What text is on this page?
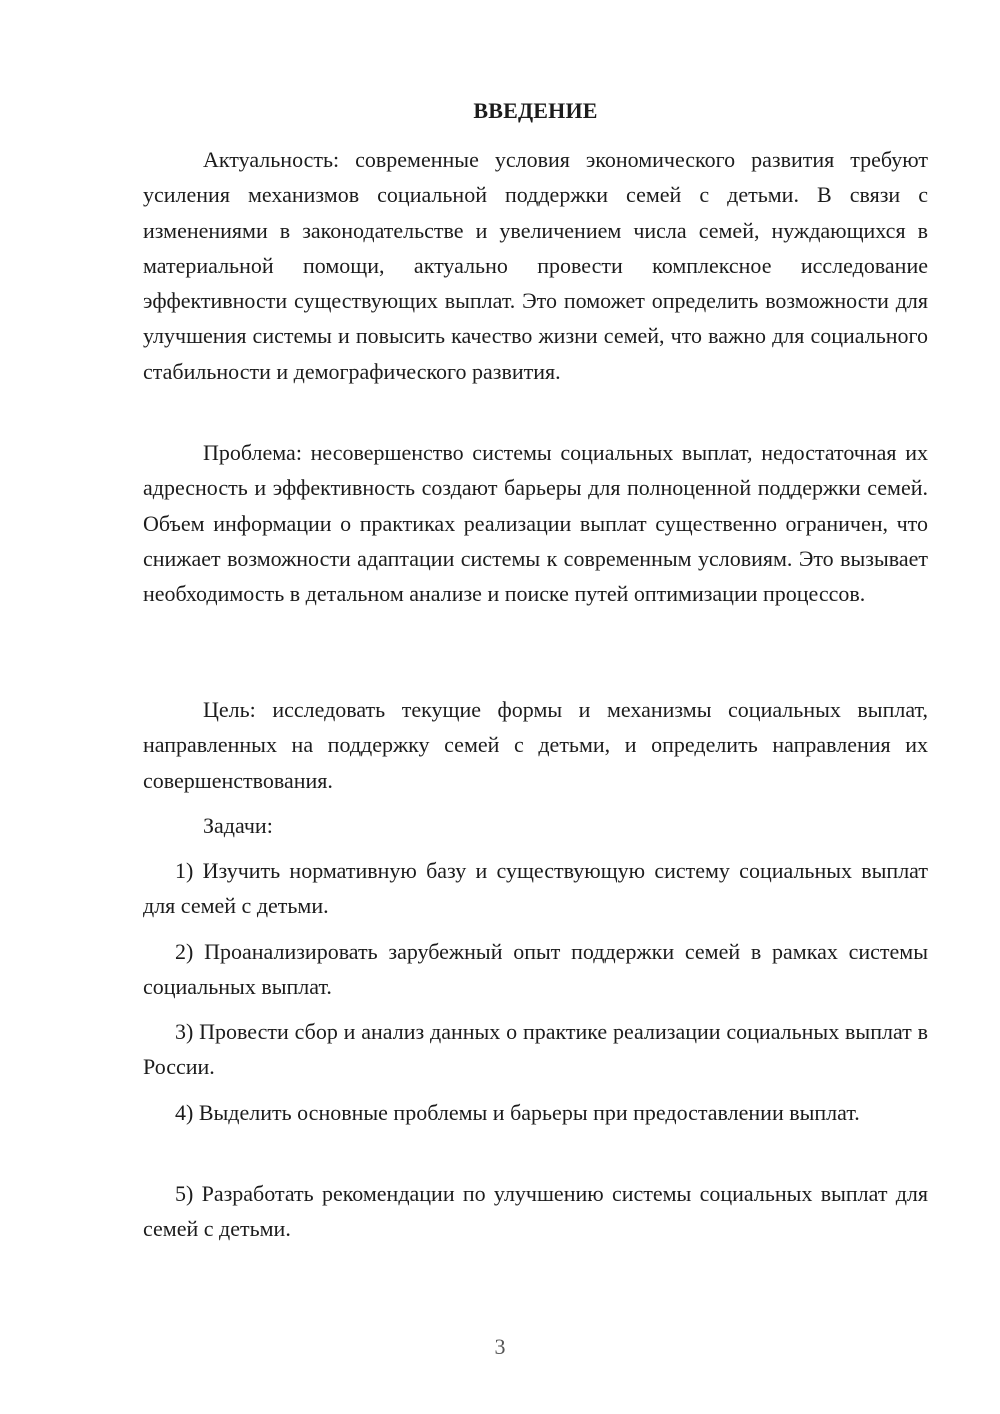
ВВЕДЕНИЕ

Актуальность: современные условия экономического развития требуют усиления механизмов социальной поддержки семей с детьми. В связи с изменениями в законодательстве и увеличением числа семей, нуждающихся в материальной помощи, актуально провести комплексное исследование эффективности существующих выплат. Это поможет определить возможности для улучшения системы и повысить качество жизни семей, что важно для социального стабильности и демографического развития.

Проблема: несовершенство системы социальных выплат, недостаточная их адресность и эффективность создают барьеры для полноценной поддержки семей. Объем информации о практиках реализации выплат существенно ограничен, что снижает возможности адаптации системы к современным условиям. Это вызывает необходимость в детальном анализе и поиске путей оптимизации процессов.

Цель: исследовать текущие формы и механизмы социальных выплат, направленных на поддержку семей с детьми, и определить направления их совершенствования.

Задачи:

1) Изучить нормативную базу и существующую систему социальных выплат для семей с детьми.

2) Проанализировать зарубежный опыт поддержки семей в рамках системы социальных выплат.

3) Провести сбор и анализ данных о практике реализации социальных выплат в России.

4) Выделить основные проблемы и барьеры при предоставлении выплат.

5) Разработать рекомендации по улучшению системы социальных выплат для семей с детьми.

3
